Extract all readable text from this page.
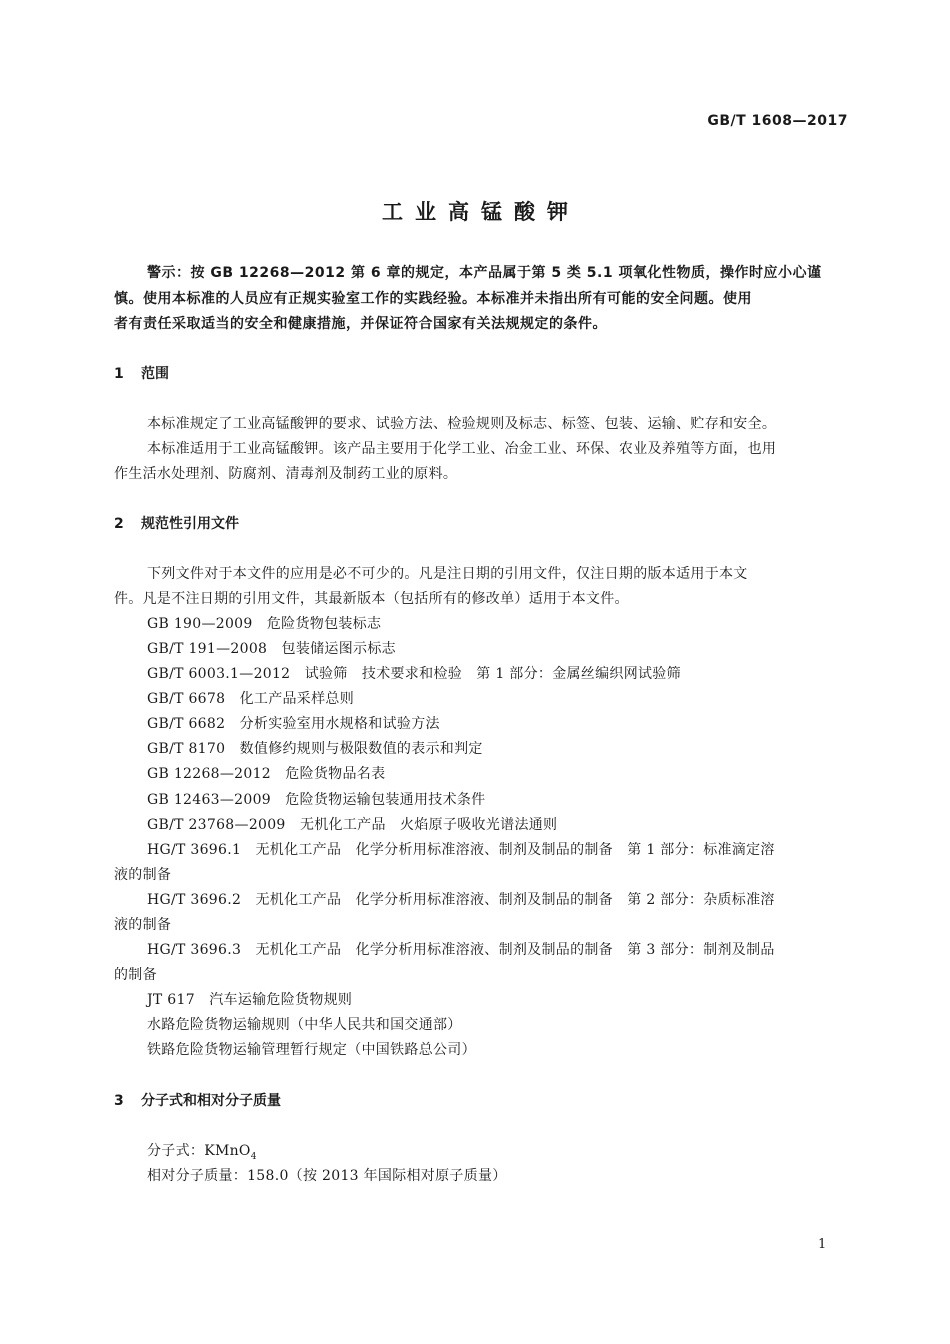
GB/T 1608—2017
工业高锰酸钾
警示：按 GB 12268—2012 第 6 章的规定，本产品属于第 5 类 5.1 项氧化性物质，操作时应小心谨
慎。使用本标准的人员应有正规实验室工作的实践经验。本标准并未指出所有可能的安全问题。使用
者有责任采取适当的安全和健康措施，并保证符合国家有关法规规定的条件。
1 范围
本标准规定了工业高锰酸钾的要求、试验方法、检验规则及标志、标签、包装、运输、贮存和安全。
本标准适用于工业高锰酸钾。该产品主要用于化学工业、冶金工业、环保、农业及养殖等方面，也用
作生活水处理剂、防腐剂、清毒剂及制药工业的原料。
2 规范性引用文件
下列文件对于本文件的应用是必不可少的。凡是注日期的引用文件，仅注日期的版本适用于本文
件。凡是不注日期的引用文件，其最新版本（包括所有的修改单）适用于本文件。
GB 190—2009　危险货物包装标志
GB/T 191—2008　包装储运图示标志
GB/T 6003.1—2012　试验筛　技术要求和检验　第 1 部分：金属丝编织网试验筛
GB/T 6678　化工产品采样总则
GB/T 6682　分析实验室用水规格和试验方法
GB/T 8170　数值修约规则与极限数值的表示和判定
GB 12268—2012　危险货物品名表
GB 12463—2009　危险货物运输包装通用技术条件
GB/T 23768—2009　无机化工产品　火焰原子吸收光谱法通则
HG/T 3696.1　无机化工产品　化学分析用标准溶液、制剂及制品的制备　第 1 部分：标准滴定溶
液的制备
HG/T 3696.2　无机化工产品　化学分析用标准溶液、制剂及制品的制备　第 2 部分：杂质标准溶
液的制备
HG/T 3696.3　无机化工产品　化学分析用标准溶液、制剂及制品的制备　第 3 部分：制剂及制品
的制备
JT 617　汽车运输危险货物规则
水路危险货物运输规则（中华人民共和国交通部）
铁路危险货物运输管理暂行规定（中国铁路总公司）
3 分子式和相对分子质量
分子式：KMnO$_4$
相对分子质量：158.0（按 2013 年国际相对原子质量）
1
